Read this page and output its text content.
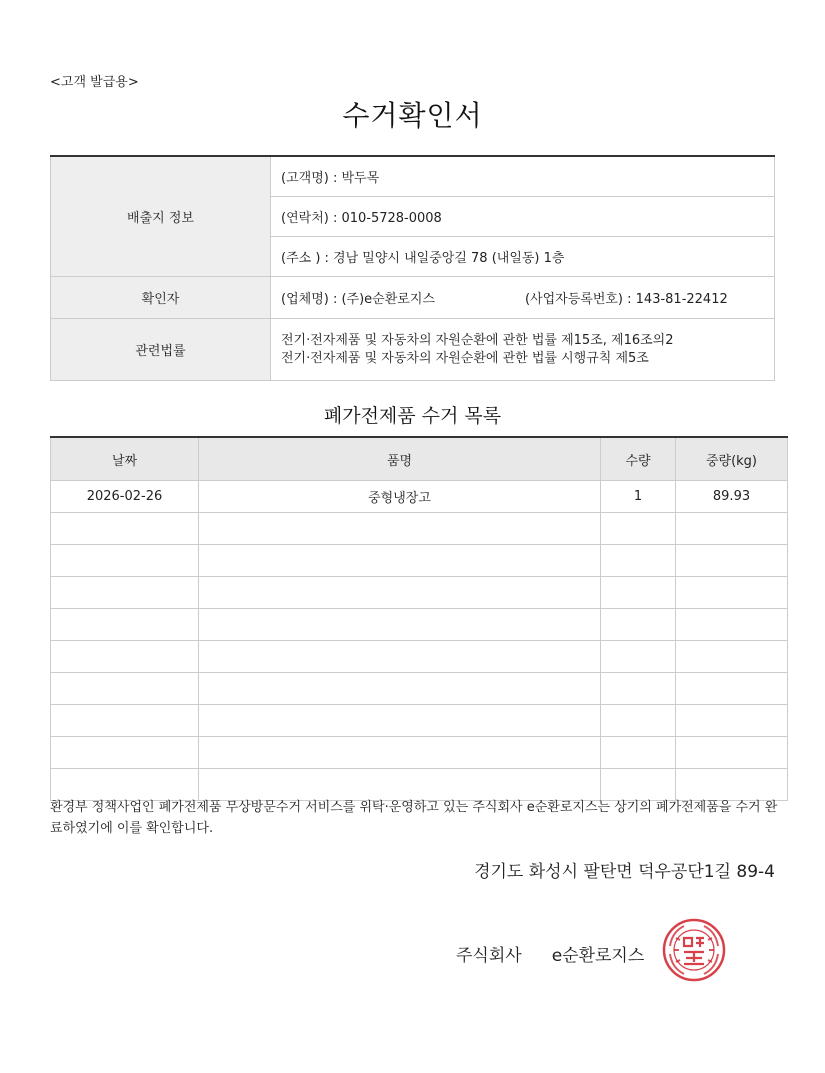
<고객 발급용>
수거확인서
배출지 정보	(고객명) : 박두목
	(연락처) : 010-5728-0008
	(주소 ) : 경남 밀양시 내일중앙길 78 (내일동) 1층
확인자	(업체명) : (주)e순환로지스 (사업자등록번호) : 143-81-22412
관련법률	전기·전자제품 및 자동차의 자원순환에 관한 법률 제15조, 제16조의2
전기·전자제품 및 자동차의 자원순환에 관한 법률 시행규칙 제5조
폐가전제품 수거 목록
날짜	품명	수량	중량(kg)
2026-02-26	중형냉장고	1	89.93

환경부 정책사업인 폐가전제품 무상방문수거 서비스를 위탁·운영하고 있는 주식회사 e순환로지스는 상기의 폐가전제품을 수거 완료하였기에 이를 확인합니다.
경기도 화성시 팔탄면 덕우공단1길 89-4
주식회사 e순환로지스
